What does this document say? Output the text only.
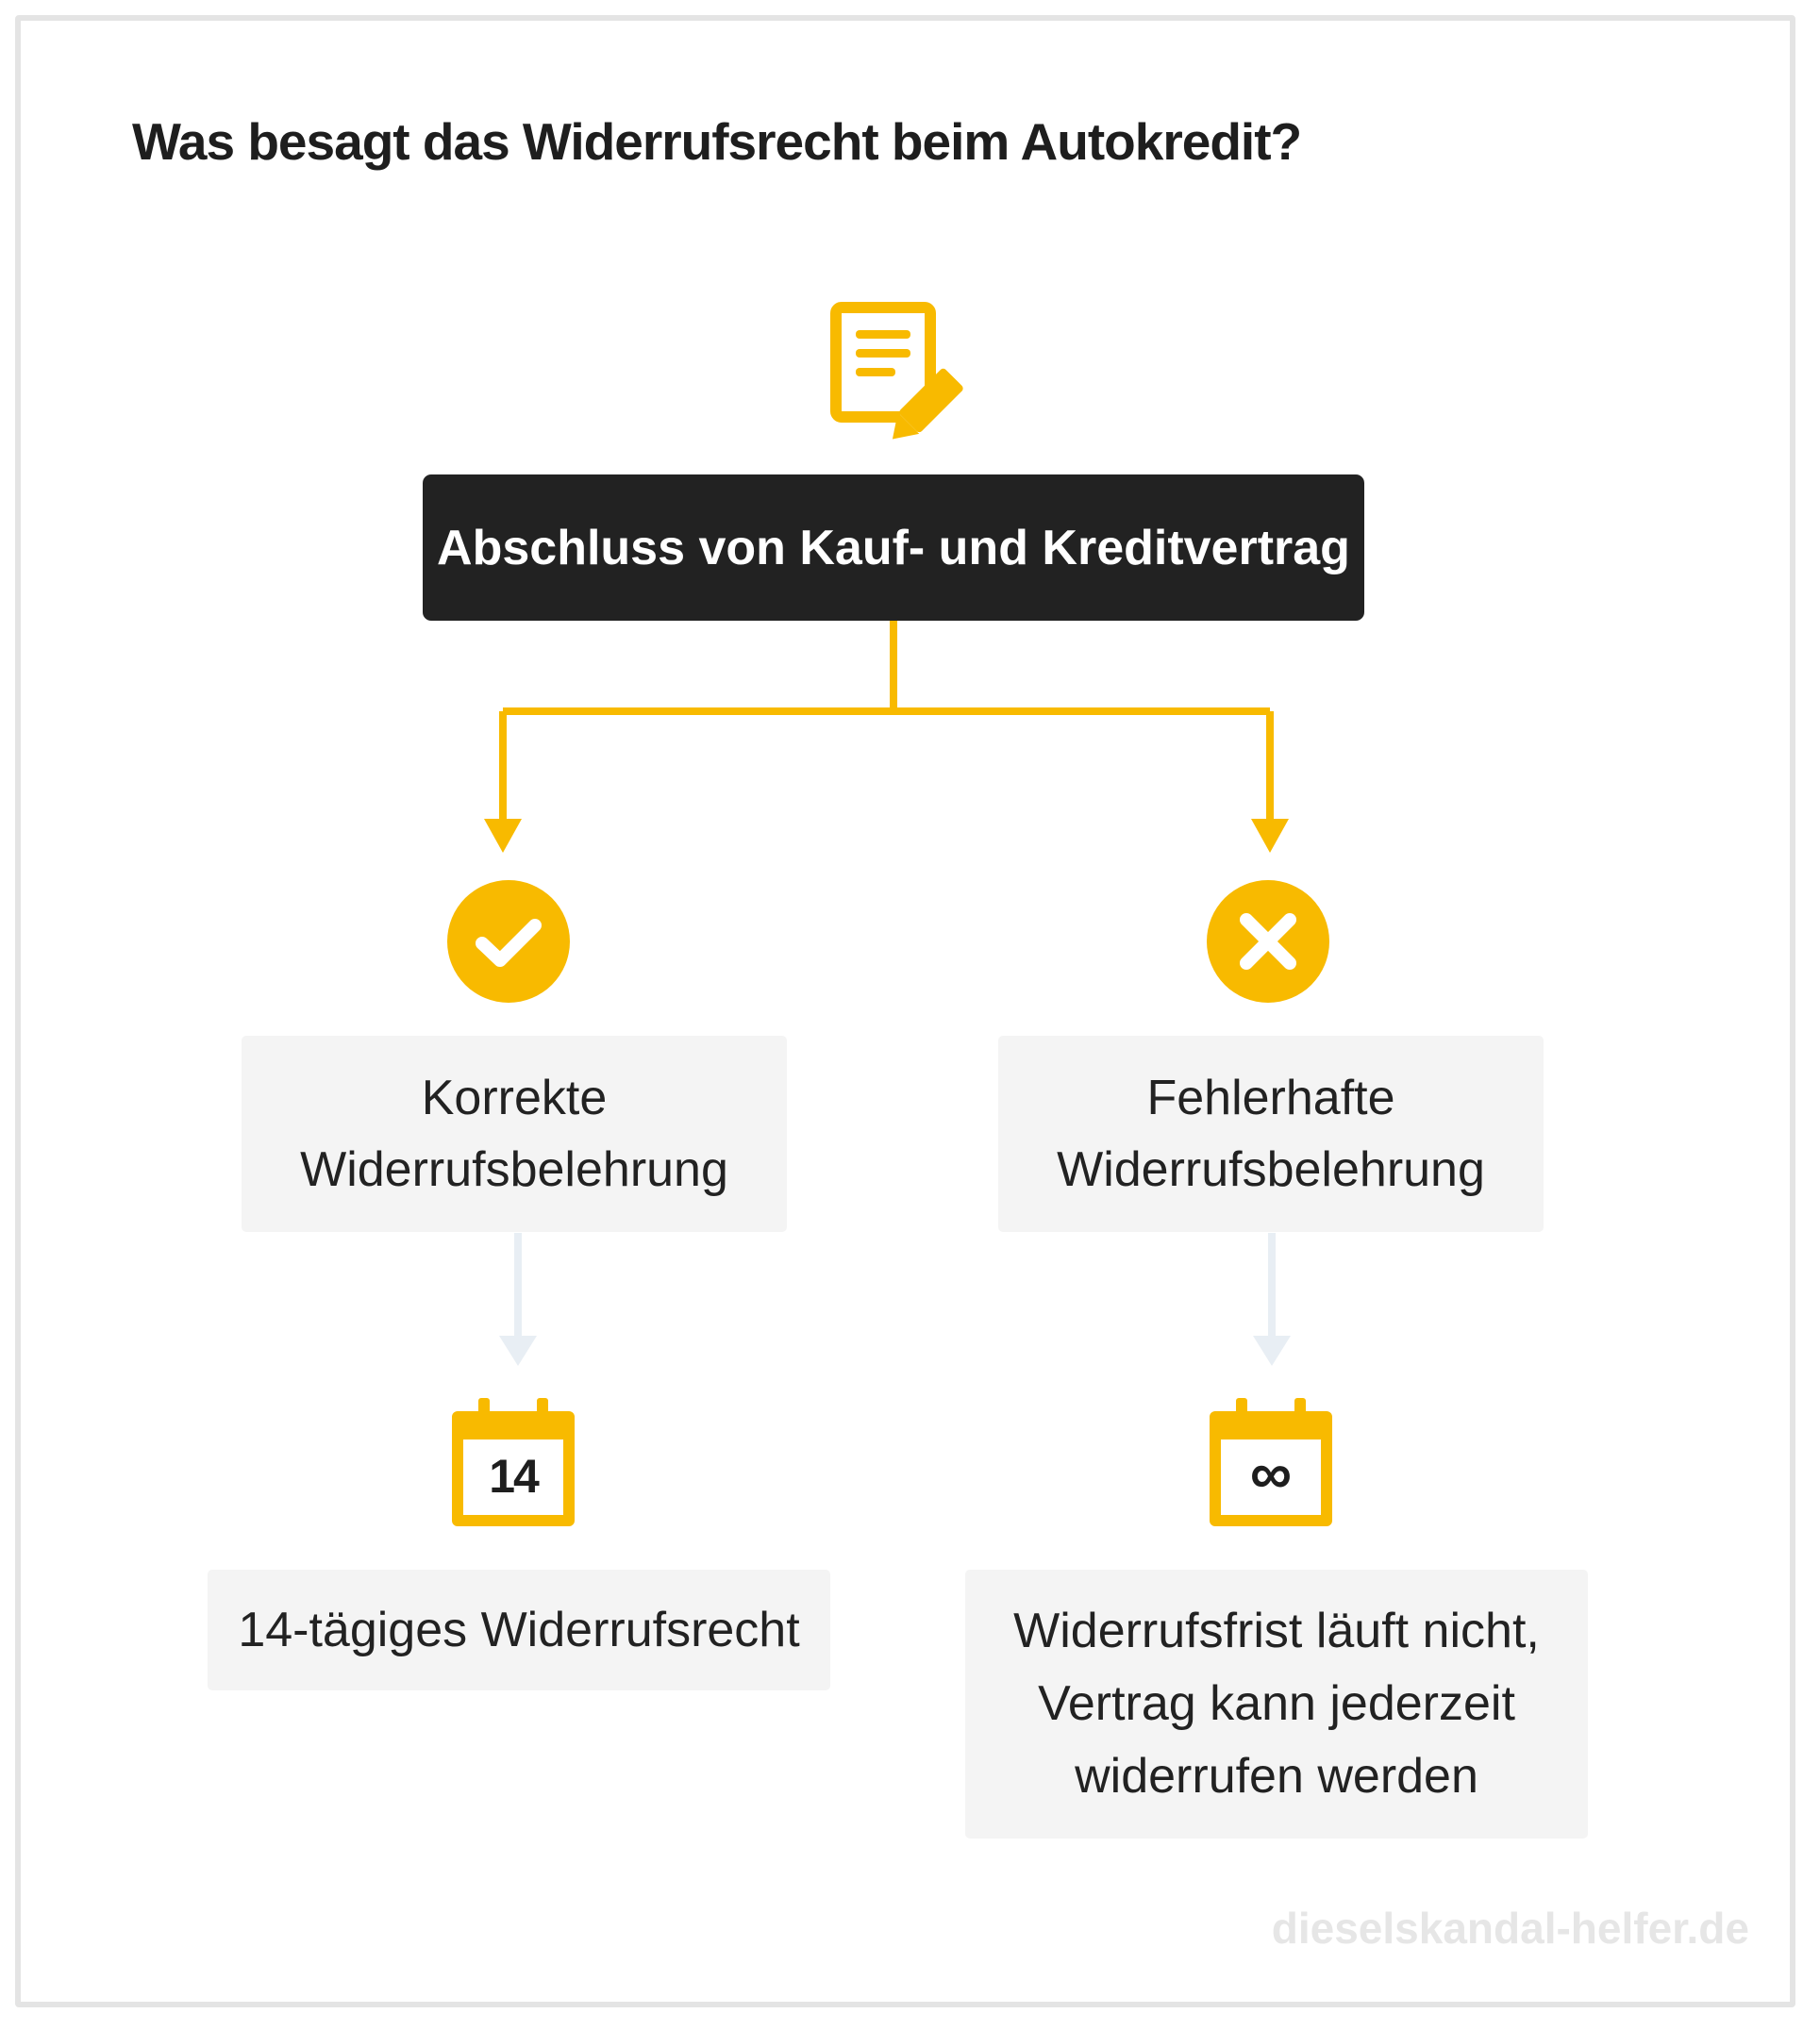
Was besagt das Widerrufsrecht beim Autokredit?
Abschluss von Kauf- und Kreditvertrag
Korrekte
Widerrufsbelehrung
Fehlerhafte
Widerrufsbelehrung
14	∞
14-tägiges Widerrufsrecht	Widerrufsfrist läuft nicht,
Vertrag kann jederzeit
widerrufen werden
dieselskandal-helfer.de
